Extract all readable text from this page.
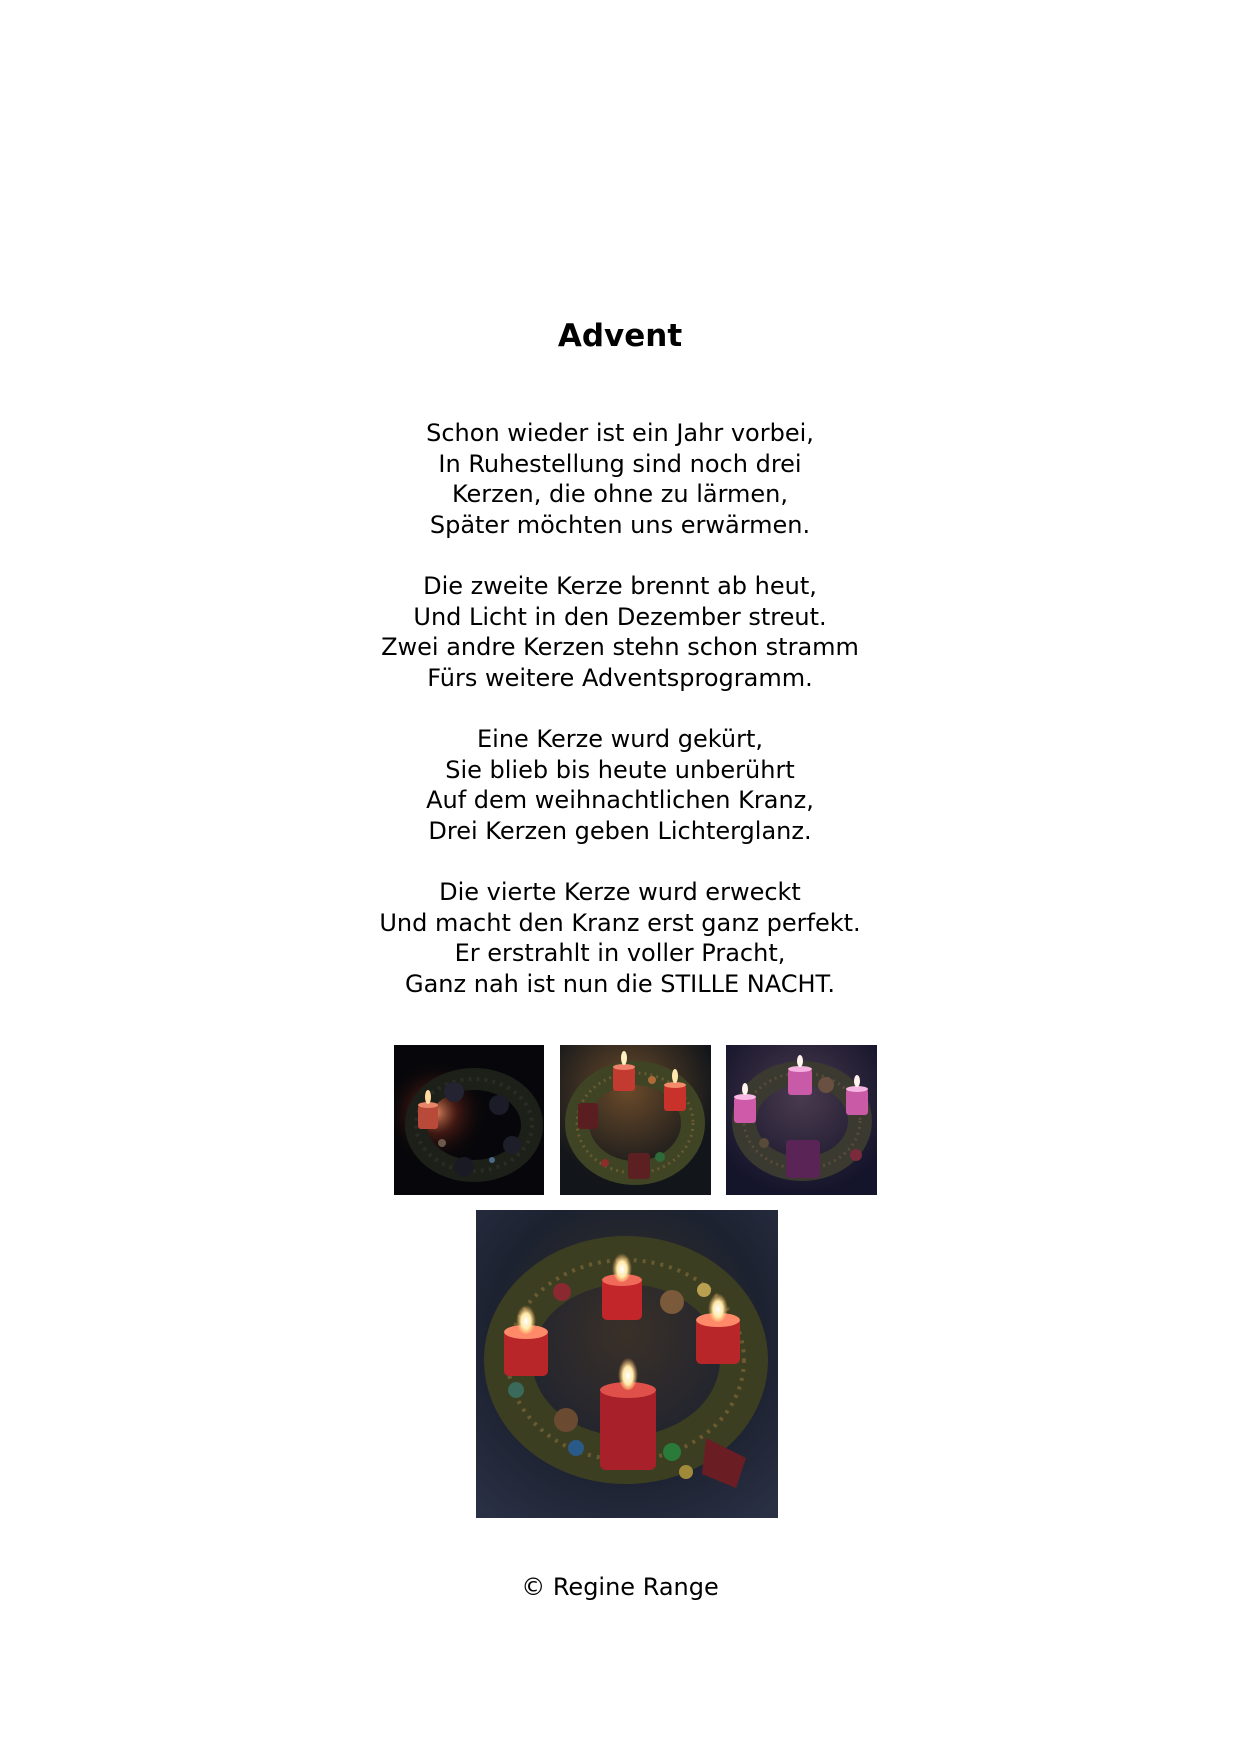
Advent

Schon wieder ist ein Jahr vorbei,
In Ruhestellung sind noch drei
Kerzen, die ohne zu lärmen,
Später möchten uns erwärmen.

Die zweite Kerze brennt ab heut,
Und Licht in den Dezember streut.
Zwei andre Kerzen stehn schon stramm
Fürs weitere Adventsprogramm.

Eine Kerze wurd gekürt,
Sie blieb bis heute unberührt
Auf dem weihnachtlichen Kranz,
Drei Kerzen geben Lichterglanz.

Die vierte Kerze wurd erweckt
Und macht den Kranz erst ganz perfekt.
Er erstrahlt in voller Pracht,
Ganz nah ist nun die STILLE NACHT.

© Regine Range
